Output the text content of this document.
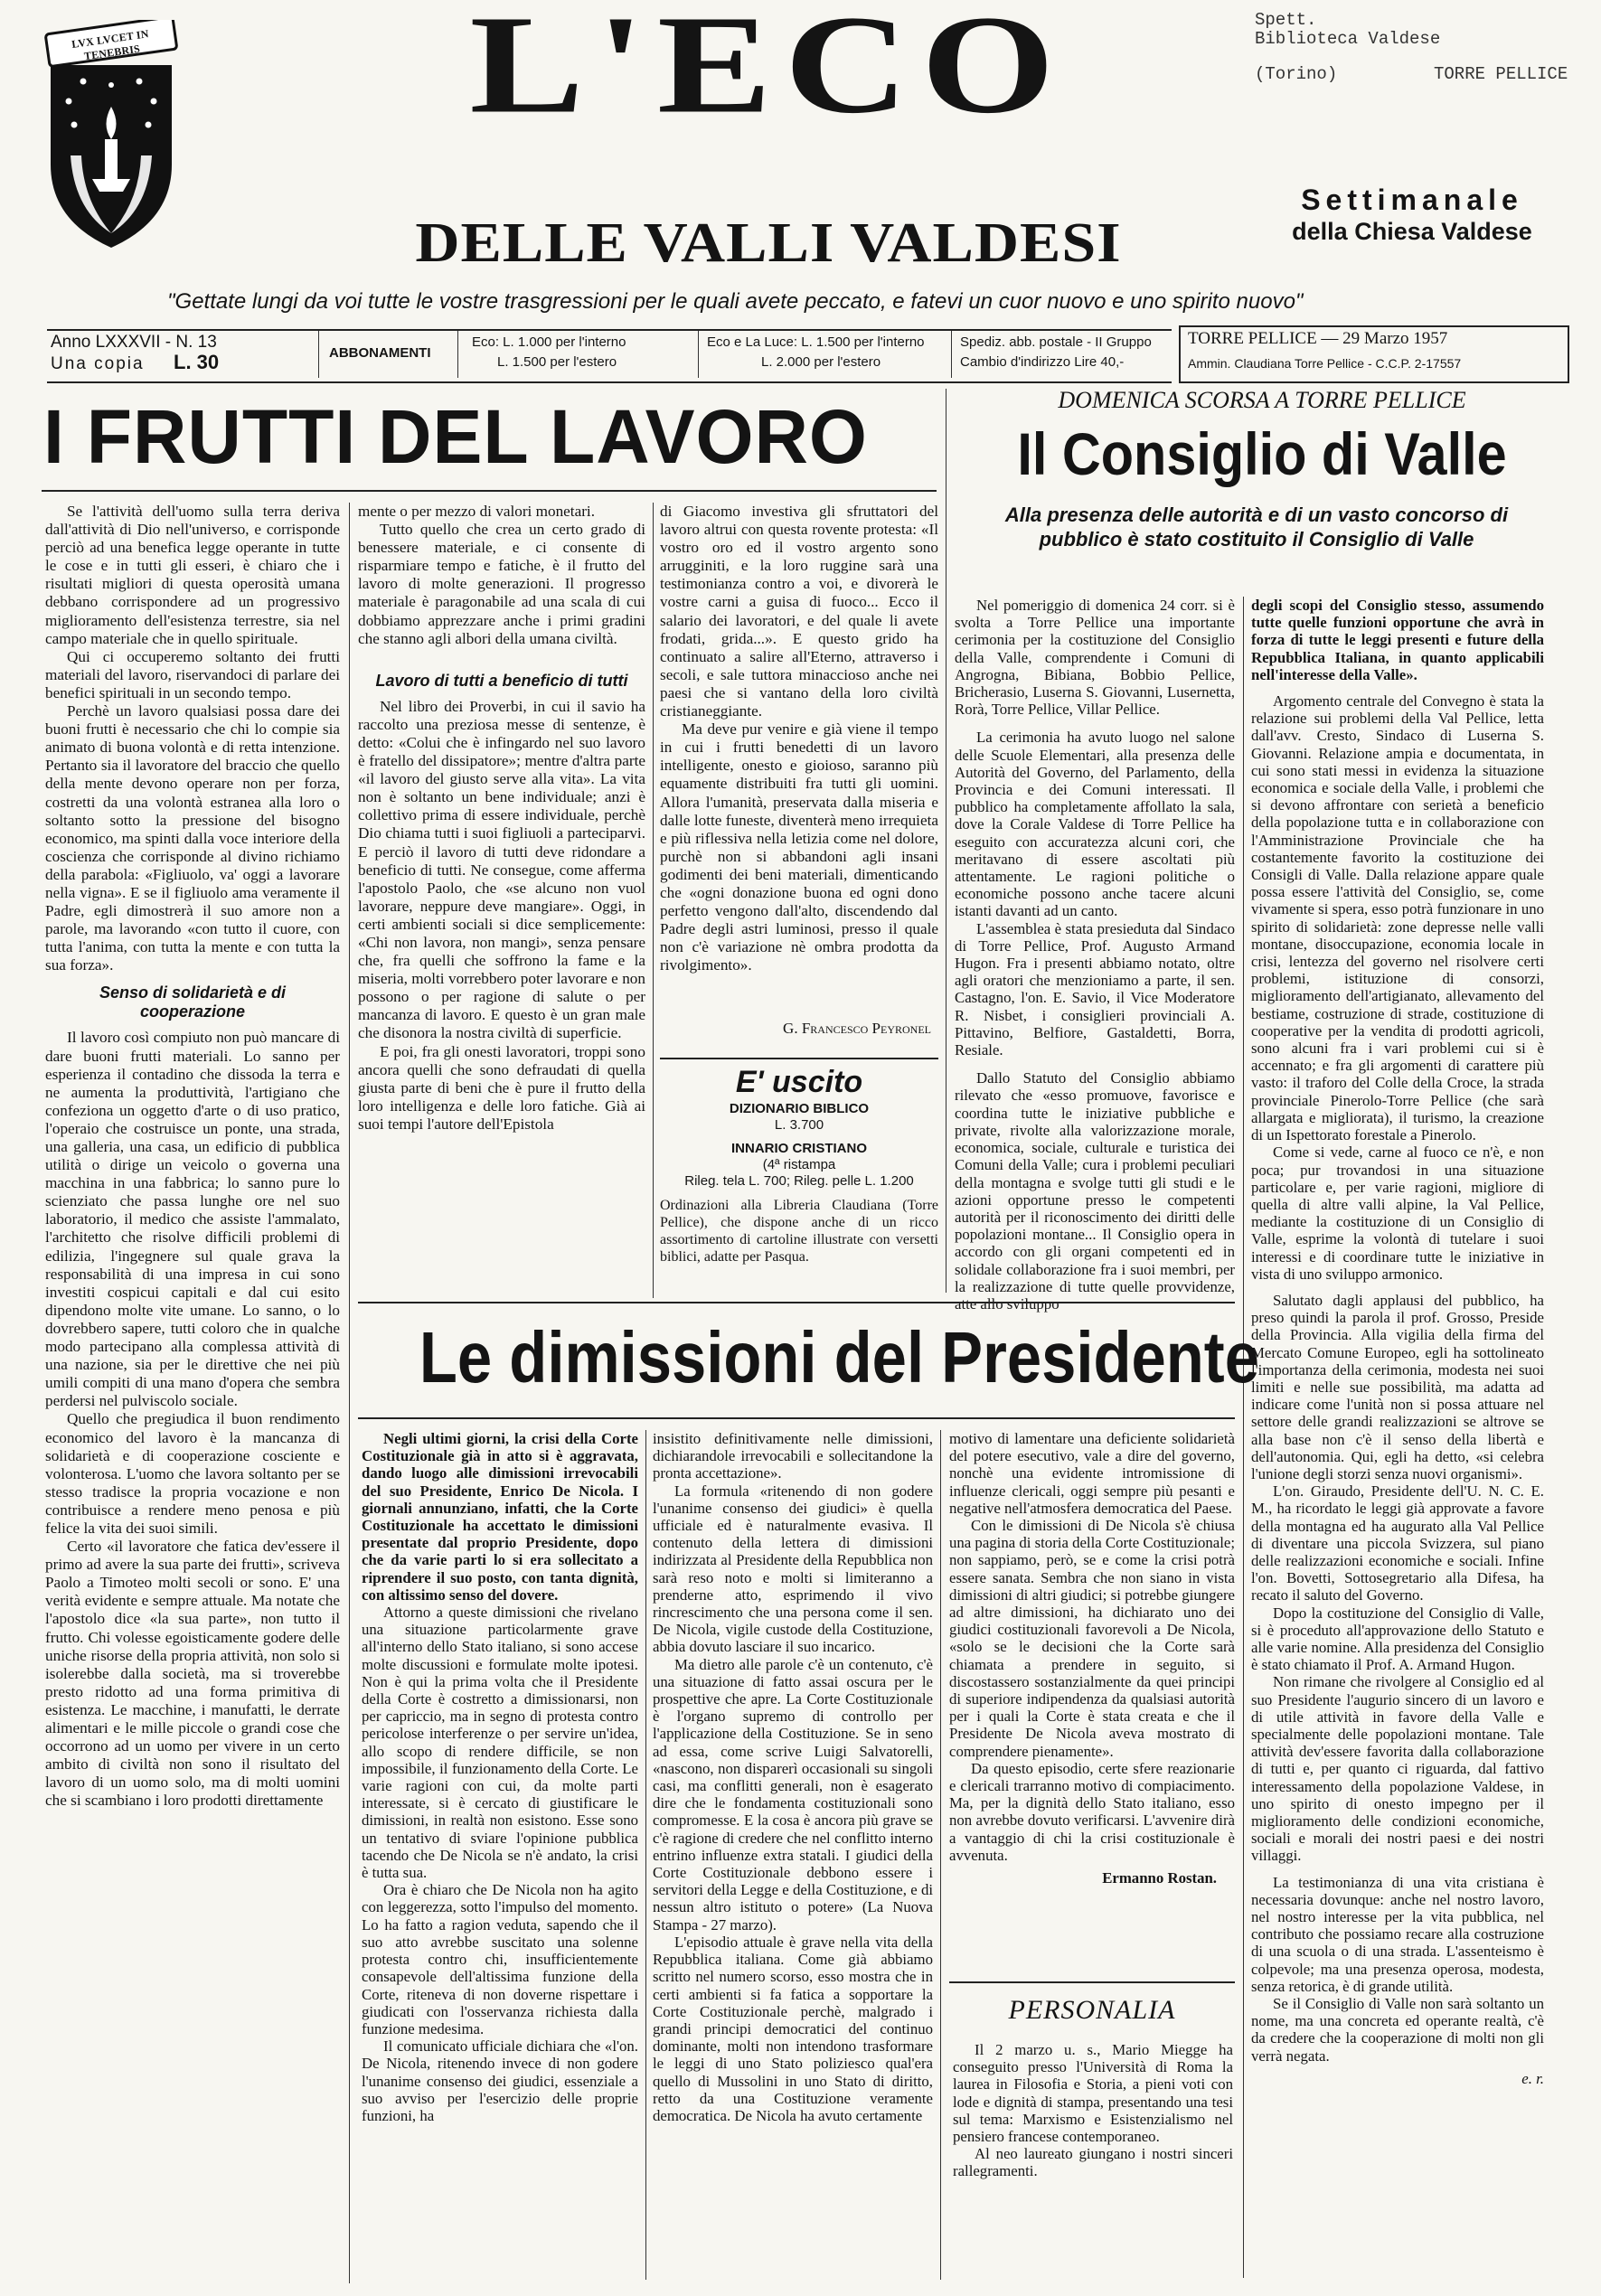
Spett.
Biblioteca Valdese
(Torino)	TORRE PELLICE
LVX LVCET IN TENEBRIS	L'ECO
DELLE VALLI VALDESI
Settimanale
della Chiesa Valdese
"Gettate lungi da voi tutte le vostre trasgressioni per le quali avete peccato, e fatevi un cuor nuovo e uno spirito nuovo"
Anno LXXXVII - N. 13
Una copia L. 30	ABBONAMENTI
Eco: L. 1.000 per l'interno
L. 1.500 per l'estero
Eco e La Luce: L. 1.500 per l'interno
L. 2.000 per l'estero
Spediz. abb. postale - II Gruppo
Cambio d'indirizzo Lire 40,-
TORRE PELLICE — 29 Marzo 1957
Ammin. Claudiana Torre Pellice - C.C.P. 2-17557
I FRUTTI DEL LAVORO

Se l'attività dell'uomo sulla terra deriva dall'attività di Dio nell'universo, e corrisponde perciò ad una benefica legge operante in tutte le cose e in tutti gli esseri, è chiaro che i risultati migliori di questa operosità umana debbano corrispondere ad un progressivo miglioramento dell'esistenza terrestre, sia nel campo materiale che in quello spirituale.

Qui ci occuperemo soltanto dei frutti materiali del lavoro, riservandoci di parlare dei benefici spirituali in un secondo tempo.

Perchè un lavoro qualsiasi possa dare dei buoni frutti è necessario che chi lo compie sia animato di buona volontà e di retta intenzione. Pertanto sia il lavoratore del braccio che quello della mente devono operare non per forza, costretti da una volontà estranea alla loro o soltanto sotto la pressione del bisogno economico, ma spinti dalla voce interiore della coscienza che corrisponde al divino richiamo della parabola: «Figliuolo, va' oggi a lavorare nella vigna». E se il figliuolo ama veramente il Padre, egli dimostrerà il suo amore non a parole, ma lavorando «con tutto il cuore, con tutta l'anima, con tutta la mente e con tutta la sua forza».

Senso di solidarietà e di cooperazione

Il lavoro così compiuto non può mancare di dare buoni frutti materiali. Lo sanno per esperienza il contadino che dissoda la terra e ne aumenta la produttività, l'artigiano che confeziona un oggetto d'arte o di uso pratico, l'operaio che costruisce un ponte, una strada, una galleria, una casa, un edificio di pubblica utilità o dirige un veicolo o governa una macchina in una fabbrica; lo sanno pure lo scienziato che passa lunghe ore nel suo laboratorio, il medico che assiste l'ammalato, l'architetto che risolve difficili problemi di edilizia, l'ingegnere sul quale grava la responsabilità di una impresa in cui sono investiti cospicui capitali e dal cui esito dipendono molte vite umane. Lo sanno, o lo dovrebbero sapere, tutti coloro che in qualche modo partecipano alla complessa attività di una nazione, sia per le direttive che nei più umili compiti di una mano d'opera che sembra perdersi nel pulviscolo sociale.

Quello che pregiudica il buon rendimento economico del lavoro è la mancanza di solidarietà e di cooperazione cosciente e volonterosa. L'uomo che lavora soltanto per se stesso tradisce la propria vocazione e non contribuisce a rendere meno penosa e più felice la vita dei suoi simili.

Certo «il lavoratore che fatica dev'essere il primo ad avere la sua parte dei frutti», scriveva Paolo a Timoteo molti secoli or sono. E' una verità evidente e sempre attuale. Ma notate che l'apostolo dice «la sua parte», non tutto il frutto. Chi volesse egoisticamente godere delle uniche risorse della propria attività, non solo si isolerebbe dalla società, ma si troverebbe presto ridotto ad una forma primitiva di esistenza. Le macchine, i manufatti, le derrate alimentari e le mille piccole o grandi cose che occorrono ad un uomo per vivere in un certo ambito di civiltà non sono il risultato del lavoro di un uomo solo, ma di molti uomini che si scambiano i loro prodotti direttamente

mente o per mezzo di valori monetari.

Tutto quello che crea un certo grado di benessere materiale, e ci consente di risparmiare tempo e fatiche, è il frutto del lavoro di molte generazioni. Il progresso materiale è paragonabile ad una scala di cui dobbiamo apprezzare anche i primi gradini che stanno agli albori della umana civiltà.

Lavoro di tutti a beneficio di tutti

Nel libro dei Proverbi, in cui il savio ha raccolto una preziosa messe di sentenze, è detto: «Colui che è infingardo nel suo lavoro è fratello del dissipatore»; mentre d'altra parte «il lavoro del giusto serve alla vita». La vita non è soltanto un bene individuale; anzi è collettivo prima di essere individuale, perchè Dio chiama tutti i suoi figliuoli a parteciparvi. E perciò il lavoro di tutti deve ridondare a beneficio di tutti. Ne consegue, come afferma l'apostolo Paolo, che «se alcuno non vuol lavorare, neppure deve mangiare». Oggi, in certi ambienti sociali si dice semplicemente: «Chi non lavora, non mangi», senza pensare che, fra quelli che soffrono la fame e la miseria, molti vorrebbero poter lavorare e non possono o per ragione di salute o per mancanza di lavoro. E questo è un gran male che disonora la nostra civiltà di superficie.

E poi, fra gli onesti lavoratori, troppi sono ancora quelli che sono defraudati di quella giusta parte di beni che è pure il frutto della loro intelligenza e delle loro fatiche. Già ai suoi tempi l'autore dell'Epistola

di Giacomo investiva gli sfruttatori del lavoro altrui con questa rovente protesta: «Il vostro oro ed il vostro argento sono arrugginiti, e la loro ruggine sarà una testimonianza contro a voi, e divorerà le vostre carni a guisa di fuoco... Ecco il salario dei lavoratori, e del quale li avete frodati, grida...». E questo grido ha continuato a salire all'Eterno, attraverso i secoli, e sale tuttora minaccioso anche nei paesi che si vantano della loro civiltà cristianeggiante.

Ma deve pur venire e già viene il tempo in cui i frutti benedetti di un lavoro intelligente, onesto e gioioso, saranno più equamente distribuiti fra tutti gli uomini. Allora l'umanità, preservata dalla miseria e dalle lotte funeste, diventerà meno irrequieta e più riflessiva nella letizia come nel dolore, purchè non si abbandoni agli insani godimenti dei beni materiali, dimenticando che «ogni donazione buona ed ogni dono perfetto vengono dall'alto, discendendo dal Padre degli astri luminosi, presso il quale non c'è variazione nè ombra prodotta da rivolgimento».

G. Francesco Peyronel
E' uscito
DIZIONARIO BIBLICO
L. 3.700
INNARIO CRISTIANO
(4ª ristampa
Rileg. tela L. 700; Rileg. pelle L. 1.200
Ordinazioni alla Libreria Claudiana (Torre Pellice), che dispone anche di un ricco assortimento di cartoline illustrate con versetti biblici, adatte per Pasqua.
DOMENICA SCORSA A TORRE PELLICE
Il Consiglio di Valle
Alla presenza delle autorità e di un vasto concorso di pubblico è stato costituito il Consiglio di Valle

Nel pomeriggio di domenica 24 corr. si è svolta a Torre Pellice una importante cerimonia per la costituzione del Consiglio della Valle, comprendente i Comuni di Angrogna, Bibiana, Bobbio Pellice, Bricherasio, Luserna S. Giovanni, Lusernetta, Rorà, Torre Pellice, Villar Pellice.

La cerimonia ha avuto luogo nel salone delle Scuole Elementari, alla presenza delle Autorità del Governo, del Parlamento, della Provincia e dei Comuni interessati. Il pubblico ha completamente affollato la sala, dove la Corale Valdese di Torre Pellice ha eseguito con accuratezza alcuni cori, che meritavano di essere ascoltati più attentamente. Le ragioni politiche o economiche possono anche tacere alcuni istanti davanti ad un canto.

L'assemblea è stata presieduta dal Sindaco di Torre Pellice, Prof. Augusto Armand Hugon. Fra i presenti abbiamo notato, oltre agli oratori che menzioniamo a parte, il sen. Castagno, l'on. E. Savio, il Vice Moderatore R. Nisbet, i consiglieri provinciali A. Pittavino, Belfiore, Gastaldetti, Borra, Resiale.

Dallo Statuto del Consiglio abbiamo rilevato che «esso promuove, favorisce e coordina tutte le iniziative pubbliche e private, rivolte alla valorizzazione morale, economica, sociale, culturale e turistica dei Comuni della Valle; cura i problemi peculiari della montagna e svolge tutti gli studi e le azioni opportune presso le competenti autorità per il riconoscimento dei diritti delle popolazioni montane... Il Consiglio opera in accordo con gli organi competenti ed in solidale collaborazione fra i suoi membri, per la realizzazione di tutte quelle provvidenze, atte allo sviluppo

degli scopi del Consiglio stesso, assumendo tutte quelle funzioni opportune che avrà in forza di tutte le leggi presenti e future della Repubblica Italiana, in quanto applicabili nell'interesse della Valle».

Argomento centrale del Convegno è stata la relazione sui problemi della Val Pellice, letta dall'avv. Cresto, Sindaco di Luserna S. Giovanni. Relazione ampia e documentata, in cui sono stati messi in evidenza la situazione economica e sociale della Valle, i problemi che si devono affrontare con serietà a beneficio della popolazione tutta e in collaborazione con l'Amministrazione Provinciale che ha costantemente favorito la costituzione dei Consigli di Valle. Dalla relazione appare quale possa essere l'attività del Consiglio, se, come vivamente si spera, esso potrà funzionare in uno spirito di solidarietà: zone depresse nelle valli montane, disoccupazione, economia locale in crisi, lentezza del governo nel risolvere certi problemi, istituzione di consorzi, miglioramento dell'artigianato, allevamento del bestiame, costruzione di strade, costituzione di cooperative per la vendita di prodotti agricoli, sono alcuni fra i vari problemi cui si è accennato; e fra gli argomenti di carattere più vasto: il traforo del Colle della Croce, la strada provinciale Pinerolo-Torre Pellice (che sarà allargata e migliorata), il turismo, la creazione di un Ispettorato forestale a Pinerolo.

Come si vede, carne al fuoco ce n'è, e non poca; pur trovandosi in una situazione particolare e, per varie ragioni, migliore di quella di altre valli alpine, la Val Pellice, mediante la costituzione di un Consiglio di Valle, esprime la volontà di tutelare i suoi interessi e di coordinare tutte le iniziative in vista di uno sviluppo armonico.

Salutato dagli applausi del pubblico, ha preso quindi la parola il prof. Grosso, Preside della Provincia. Alla vigilia della firma del Mercato Comune Europeo, egli ha sottolineato l'importanza della cerimonia, modesta nei suoi limiti e nelle sue possibilità, ma adatta ad indicare come l'unità non si possa attuare nel settore delle grandi realizzazioni se altrove se alla base non c'è il senso della libertà e dell'autonomia. Qui, egli ha detto, «si celebra l'unione degli storzi senza nuovi organismi».

L'on. Giraudo, Presidente dell'U. N. C. E. M., ha ricordato le leggi già approvate a favore della montagna ed ha augurato alla Val Pellice di diventare una piccola Svizzera, sul piano delle realizzazioni economiche e sociali. Infine l'on. Bovetti, Sottosegretario alla Difesa, ha recato il saluto del Governo.

Dopo la costituzione del Consiglio di Valle, si è proceduto all'approvazione dello Statuto e alle varie nomine. Alla presidenza del Consiglio è stato chiamato il Prof. A. Armand Hugon.

Non rimane che rivolgere al Consiglio ed al suo Presidente l'augurio sincero di un lavoro e di utile attività in favore della Valle e specialmente delle popolazioni montane. Tale attività dev'essere favorita dalla collaborazione di tutti e, per quanto ci riguarda, dal fattivo interessamento della popolazione Valdese, in uno spirito di onesto impegno per il miglioramento delle condizioni economiche, sociali e morali dei nostri paesi e dei nostri villaggi.

La testimonianza di una vita cristiana è necessaria dovunque: anche nel nostro lavoro, nel nostro interesse per la vita pubblica, nel contributo che possiamo recare alla costruzione di una scuola o di una strada. L'assenteismo è colpevole; ma una presenza operosa, modesta, senza retorica, è di grande utilità.

Se il Consiglio di Valle non sarà soltanto un nome, ma una concreta ed operante realtà, c'è da credere che la cooperazione di molti non gli verrà negata.

e. r.

Le dimissioni del Presidente

Negli ultimi giorni, la crisi della Corte Costituzionale già in atto si è aggravata, dando luogo alle dimissioni irrevocabili del suo Presidente, Enrico De Nicola. I giornali annunziano, infatti, che la Corte Costituzionale ha accettato le dimissioni presentate dal proprio Presidente, dopo che da varie parti lo si era sollecitato a riprendere il suo posto, con tanta dignità, con altissimo senso del dovere.

Attorno a queste dimissioni che rivelano una situazione particolarmente grave all'interno dello Stato italiano, si sono accese molte discussioni e formulate molte ipotesi. Non è qui la prima volta che il Presidente della Corte è costretto a dimissionarsi, non per capriccio, ma in segno di protesta contro pericolose interferenze o per servire un'idea, allo scopo di rendere difficile, se non impossibile, il funzionamento della Corte. Le varie ragioni con cui, da molte parti interessate, si è cercato di giustificare le dimissioni, in realtà non esistono. Esse sono un tentativo di sviare l'opinione pubblica tacendo che De Nicola se n'è andato, la crisi è tutta sua.

Ora è chiaro che De Nicola non ha agito con leggerezza, sotto l'impulso del momento. Lo ha fatto a ragion veduta, sapendo che il suo atto avrebbe suscitato una solenne protesta contro chi, insufficientemente consapevole dell'altissima funzione della Corte, ritenevа di non doverne rispettare i giudicati con l'osservanza richiesta dalla funzione medesima.

Il comunicato ufficiale dichiara che «l'on. De Nicola, ritenendo invece di non godere l'unanime consenso dei giudici, essenziale a suo avviso per l'esercizio delle proprie funzioni, ha

insistito definitivamente nelle dimissioni, dichiarandole irrevocabili e sollecitandone la pronta accettazione».

La formula «ritenendo di non godere l'unanime consenso dei giudici» è quella ufficiale ed è naturalmente evasiva. Il contenuto della lettera di dimissioni indirizzata al Presidente della Repubblica non sarà reso noto e molti si limiteranno a prenderne atto, esprimendo il vivo rincrescimento che una persona come il sen. De Nicola, vigile custode della Costituzione, abbia dovuto lasciare il suo incarico.

Ma dietro alle parole c'è un contenuto, c'è una situazione di fatto assai oscura per le prospettive che apre. La Corte Costituzionale è l'organo supremo di controllo per l'applicazione della Costituzione. Se in seno ad essa, come scrive Luigi Salvatorelli, «nascono, non disparerì occasionali su singoli casi, ma conflitti generali, non è esagerato dire che le fondamenta costituzionali sono compromesse. E la cosa è ancora più grave se c'è ragione di credere che nel conflitto interno entrino influenze extra statali. I giudici della Corte Costituzionale debbono essere i servitori della Legge e della Costituzione, e di nessun altro istituto o potere» (La Nuova Stampa - 27 marzo).

L'episodio attuale è grave nella vita della Repubblica italiana. Come già abbiamo scritto nel numero scorso, esso mostra che in certi ambienti si fa fatica a sopportare la Corte Costituzionale perchè, malgrado i grandi principi democratici del continuo dominante, molti non intendono trasformare le leggi di uno Stato poliziesco qual'era quello di Mussolini in uno Stato di diritto, retto da una Costituzione veramente democratica. De Nicola ha avuto certamente

motivo di lamentare una deficiente solidarietà del potere esecutivo, vale a dire del governo, nonchè una evidente intromissione di influenze clericali, oggi sempre più pesanti e negative nell'atmosfera democratica del Paese.

Con le dimissioni di De Nicola s'è chiusa una pagina di storia della Corte Costituzionale; non sappiamo, però, se e come la crisi potrà essere sanata. Sembra che non siano in vista dimissioni di altri giudici; si potrebbe giungere ad altre dimissioni, ha dichiarato uno dei giudici costituzionali favorevoli a De Nicola, «solo se le decisioni che la Corte sarà chiamata a prendere in seguito, si discostassero sostanzialmente da quei principi di superiore indipendenza da qualsiasi autorità per i quali la Corte è stata creata e che il Presidente De Nicola aveva mostrato di comprendere pienamente».

Da questo episodio, certe sfere reazionarie e clericali trarranno motivo di compiacimento. Ma, per la dignità dello Stato italiano, esso non avrebbe dovuto verificarsi. L'avvenire dirà a vantaggio di chi la crisi costituzionale è avvenuta.

Ermanno Rostan.

PERSONALIA

Il 2 marzo u. s., Mario Miegge ha conseguito presso l'Università di Roma la laurea in Filosofia e Storia, a pieni voti con lode e dignità di stampa, presentando una tesi sul tema: Marxismo e Esistenzialismo nel pensiero francese contemporaneo.

Al neo laureato giungano i nostri sinceri rallegramenti.
